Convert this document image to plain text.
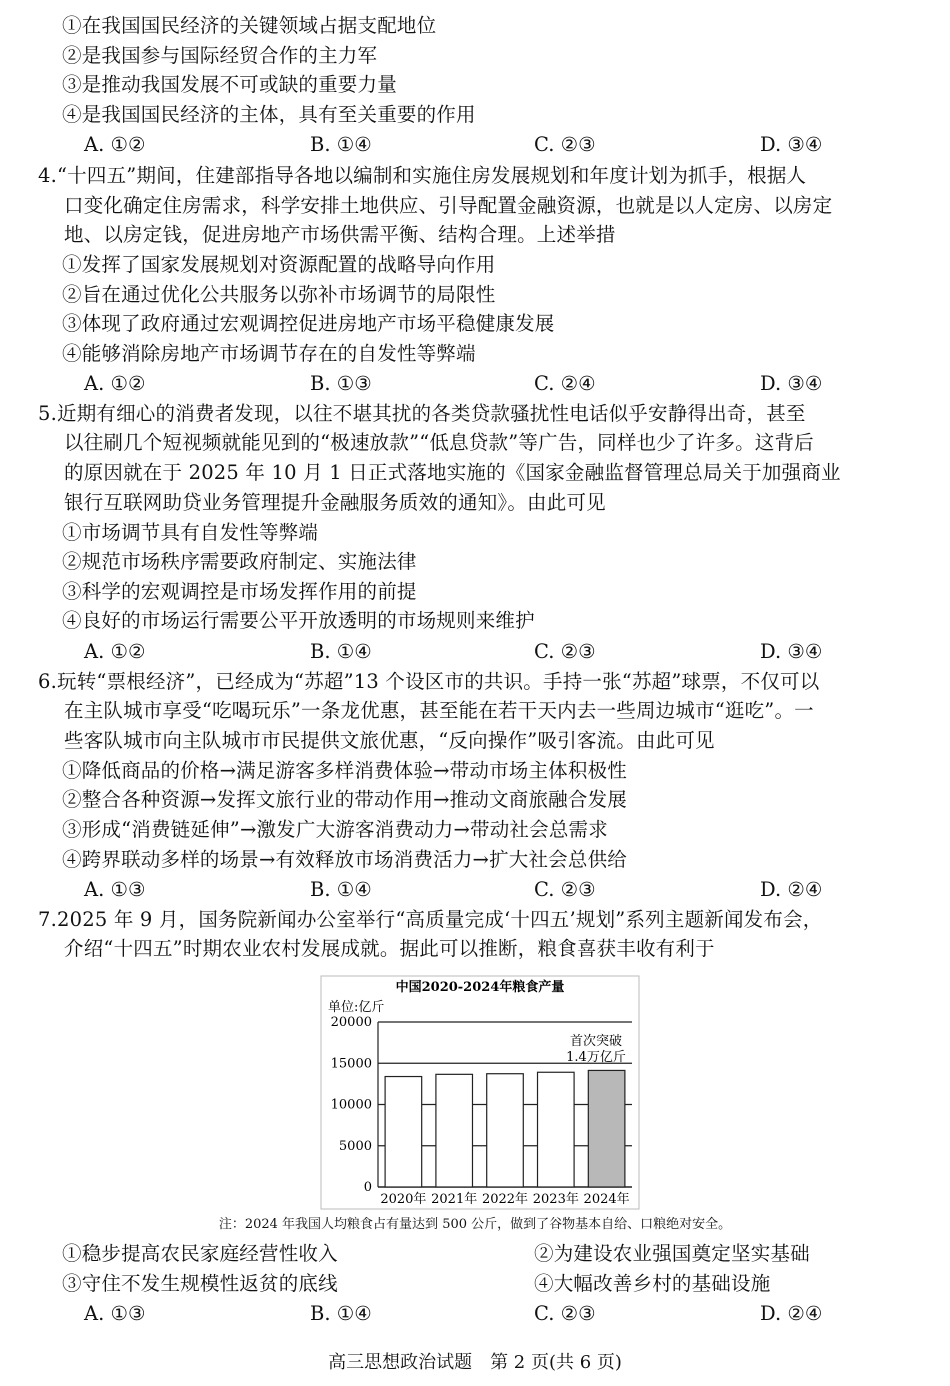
①在我国国民经济的关键领域占据支配地位
②是我国参与国际经贸合作的主力军
③是推动我国发展不可或缺的重要力量
④是我国国民经济的主体，具有至关重要的作用
A. ①②	B. ①④	C. ②③	D. ③④
4.“十四五”期间，住建部指导各地以编制和实施住房发展规划和年度计划为抓手，根据人
口变化确定住房需求，科学安排土地供应、引导配置金融资源，也就是以人定房、以房定
地、以房定钱，促进房地产市场供需平衡、结构合理。上述举措
①发挥了国家发展规划对资源配置的战略导向作用
②旨在通过优化公共服务以弥补市场调节的局限性
③体现了政府通过宏观调控促进房地产市场平稳健康发展
④能够消除房地产市场调节存在的自发性等弊端
A. ①②	B. ①③	C. ②④	D. ③④
5.近期有细心的消费者发现，以往不堪其扰的各类贷款骚扰性电话似乎安静得出奇，甚至
以往刷几个短视频就能见到的“极速放款”“低息贷款”等广告，同样也少了许多。这背后
的原因就在于 2025 年 10 月 1 日正式落地实施的《国家金融监督管理总局关于加强商业
银行互联网助贷业务管理提升金融服务质效的通知》。由此可见
①市场调节具有自发性等弊端
②规范市场秩序需要政府制定、实施法律
③科学的宏观调控是市场发挥作用的前提
④良好的市场运行需要公平开放透明的市场规则来维护
A. ①②	B. ①④	C. ②③	D. ③④
6.玩转“票根经济”，已经成为“苏超”13 个设区市的共识。手持一张“苏超”球票，不仅可以
在主队城市享受“吃喝玩乐”一条龙优惠，甚至能在若干天内去一些周边城市“逛吃”。一
些客队城市向主队城市市民提供文旅优惠，“反向操作”吸引客流。由此可见
①降低商品的价格→满足游客多样消费体验→带动市场主体积极性
②整合各种资源→发挥文旅行业的带动作用→推动文商旅融合发展
③形成“消费链延伸”→激发广大游客消费动力→带动社会总需求
④跨界联动多样的场景→有效释放市场消费活力→扩大社会总供给
A. ①③	B. ①④	C. ②③	D. ②④
7.2025 年 9 月，国务院新闻办公室举行“高质量完成‘十四五’规划”系列主题新闻发布会，
介绍“十四五”时期农业农村发展成就。据此可以推断，粮食喜获丰收有利于
中国2020-2024年粮食产量
单位:亿斤
0
5000
10000
15000
20000
2020年 2021年 2022年 2023年 2024年
首次突破
1.4万亿斤
注：2024 年我国人均粮食占有量达到 500 公斤，做到了谷物基本自给、口粮绝对安全。
①稳步提高农民家庭经营性收入	②为建设农业强国奠定坚实基础
③守住不发生规模性返贫的底线	④大幅改善乡村的基础设施
A. ①③	B. ①④	C. ②③	D. ②④
高三思想政治试题　第 2 页(共 6 页)
